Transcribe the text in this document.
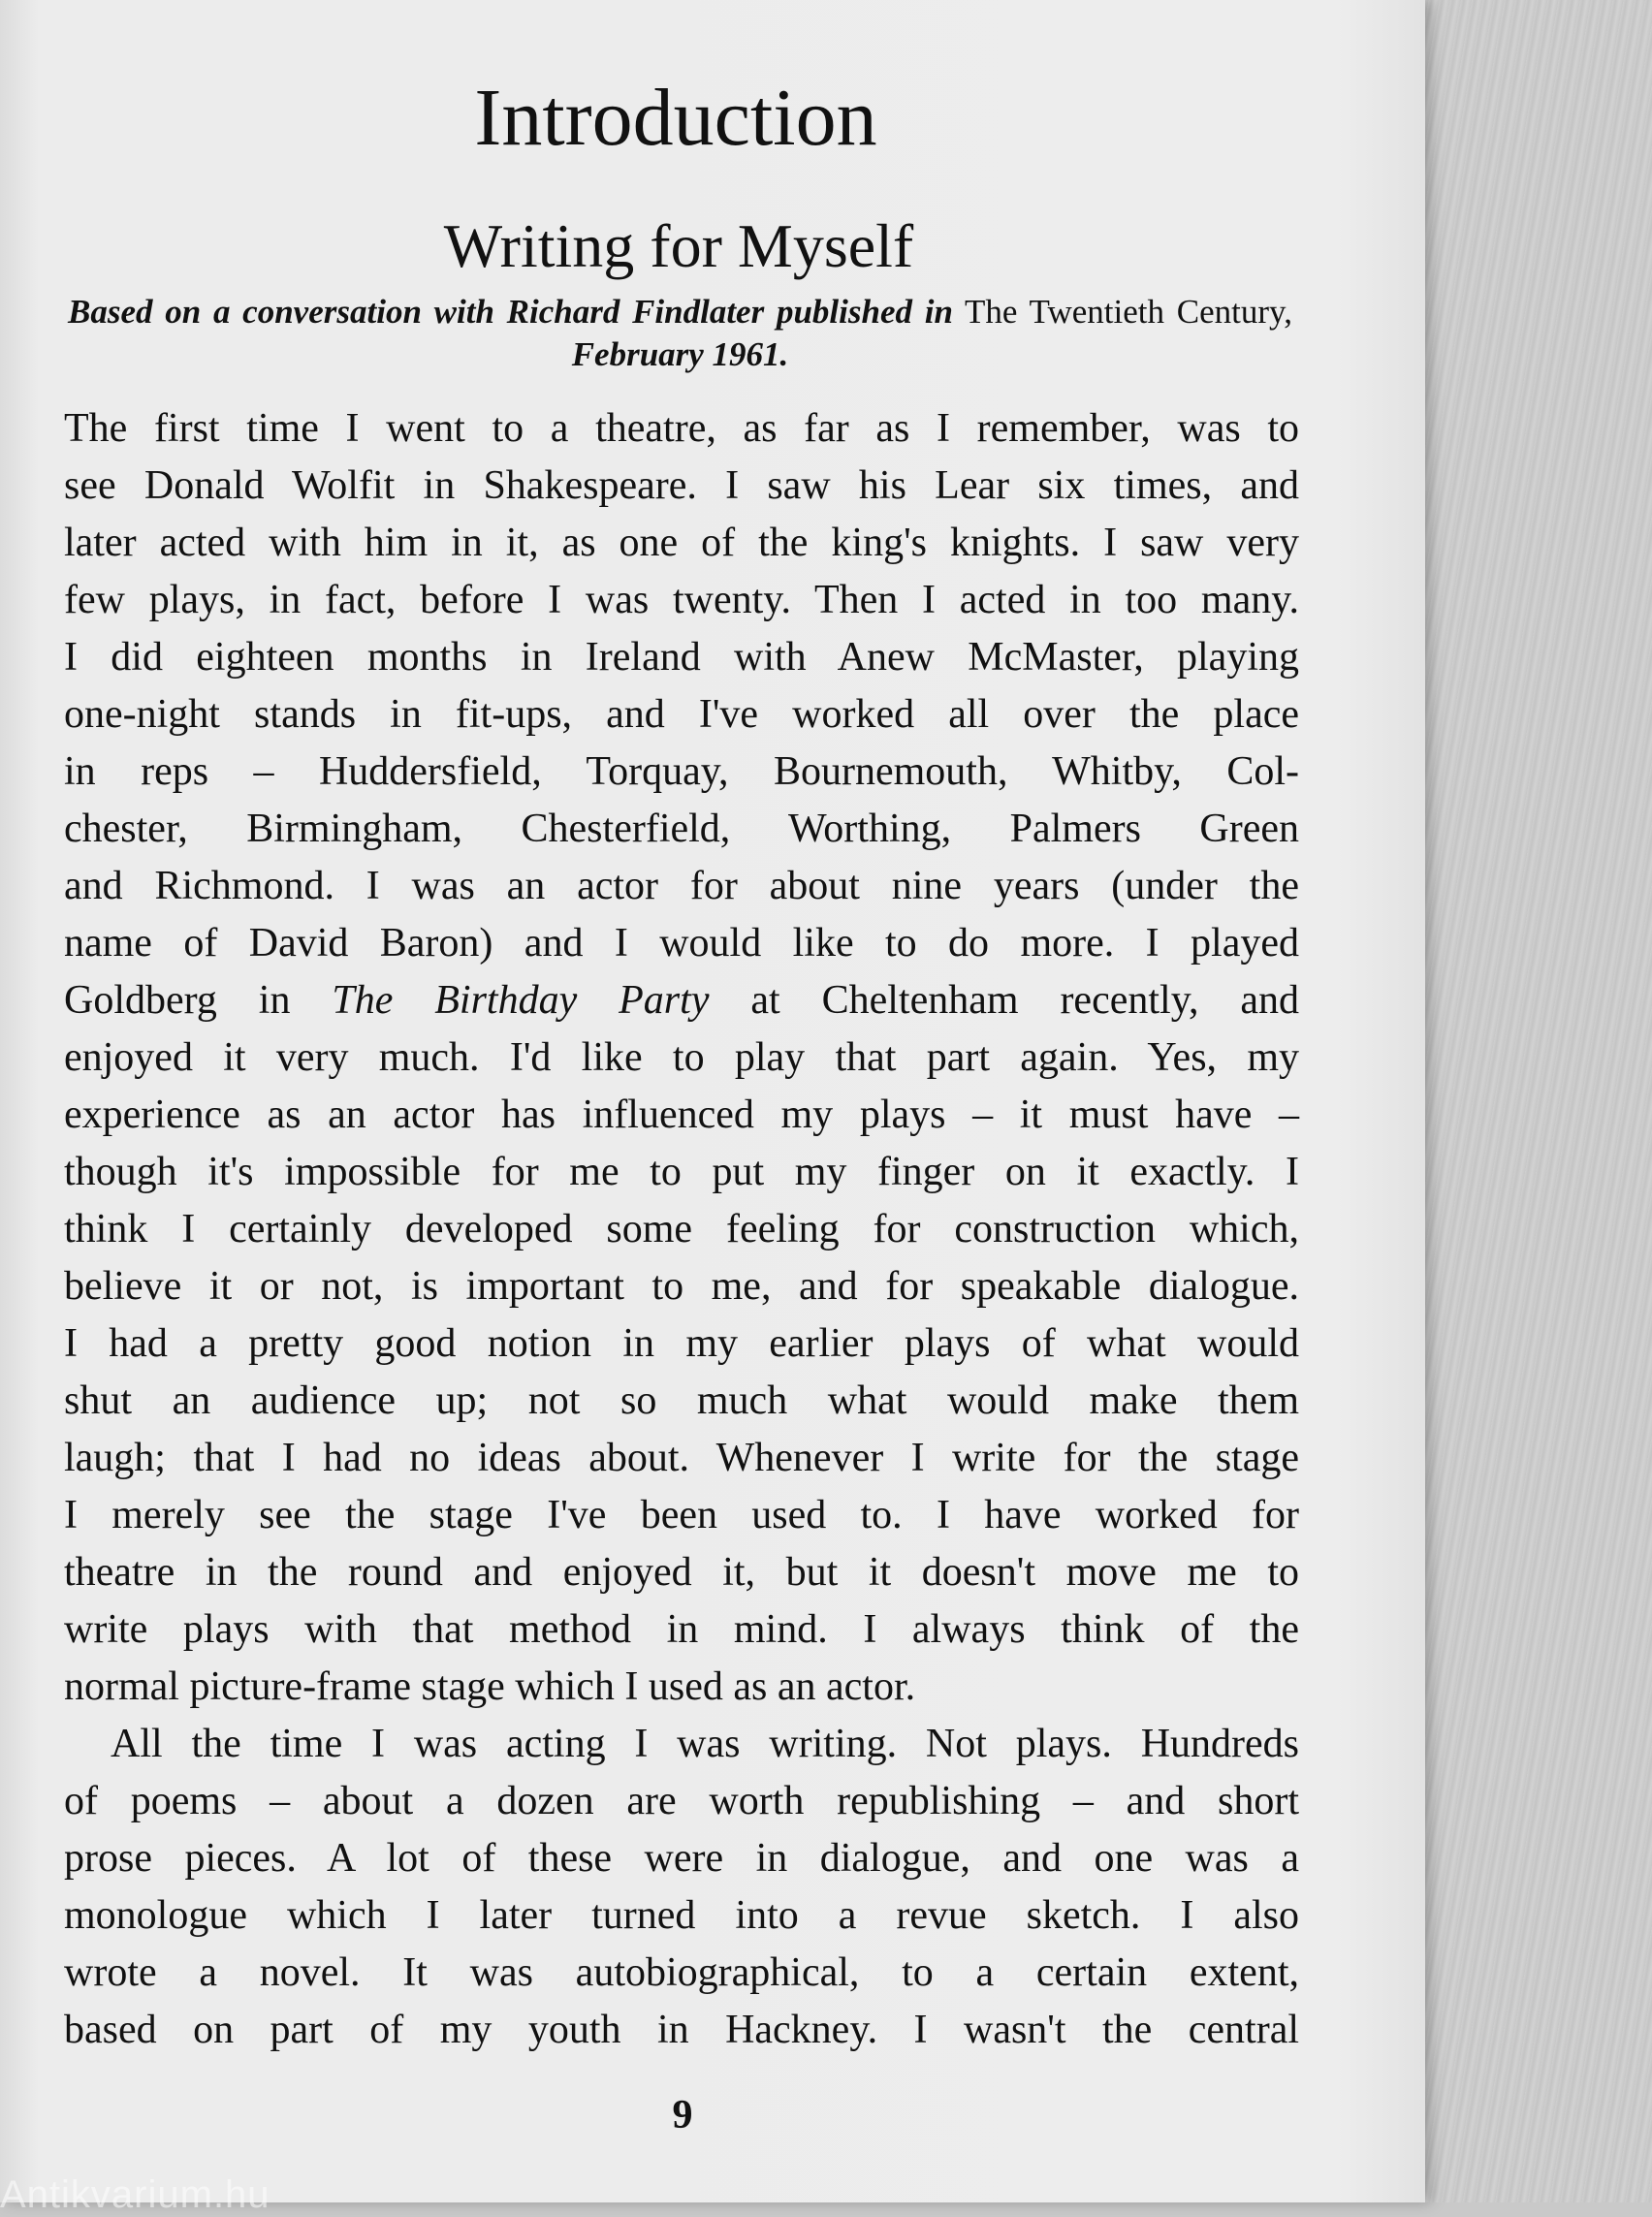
Introduction
Writing for Myself
Based on a conversation with Richard Findlater published in The Twentieth Century, February 1961.
The first time I went to a theatre, as far as I remember, was to
see Donald Wolfit in Shakespeare. I saw his Lear six times, and
later acted with him in it, as one of the king's knights. I saw very
few plays, in fact, before I was twenty. Then I acted in too many.
I did eighteen months in Ireland with Anew McMaster, playing
one-night stands in fit-ups, and I've worked all over the place
in reps – Huddersfield, Torquay, Bournemouth, Whitby, Col-
chester, Birmingham, Chesterfield, Worthing, Palmers Green
and Richmond. I was an actor for about nine years (under the
name of David Baron) and I would like to do more. I played
Goldberg in The Birthday Party at Cheltenham recently, and
enjoyed it very much. I'd like to play that part again. Yes, my
experience as an actor has influenced my plays – it must have –
though it's impossible for me to put my finger on it exactly. I
think I certainly developed some feeling for construction which,
believe it or not, is important to me, and for speakable dialogue.
I had a pretty good notion in my earlier plays of what would
shut an audience up; not so much what would make them
laugh; that I had no ideas about. Whenever I write for the stage
I merely see the stage I've been used to. I have worked for
theatre in the round and enjoyed it, but it doesn't move me to
write plays with that method in mind. I always think of the
normal picture-frame stage which I used as an actor.
All the time I was acting I was writing. Not plays. Hundreds
of poems – about a dozen are worth republishing – and short
prose pieces. A lot of these were in dialogue, and one was a
monologue which I later turned into a revue sketch. I also
wrote a novel. It was autobiographical, to a certain extent,
based on part of my youth in Hackney. I wasn't the central
9
Antikvarium.hu
